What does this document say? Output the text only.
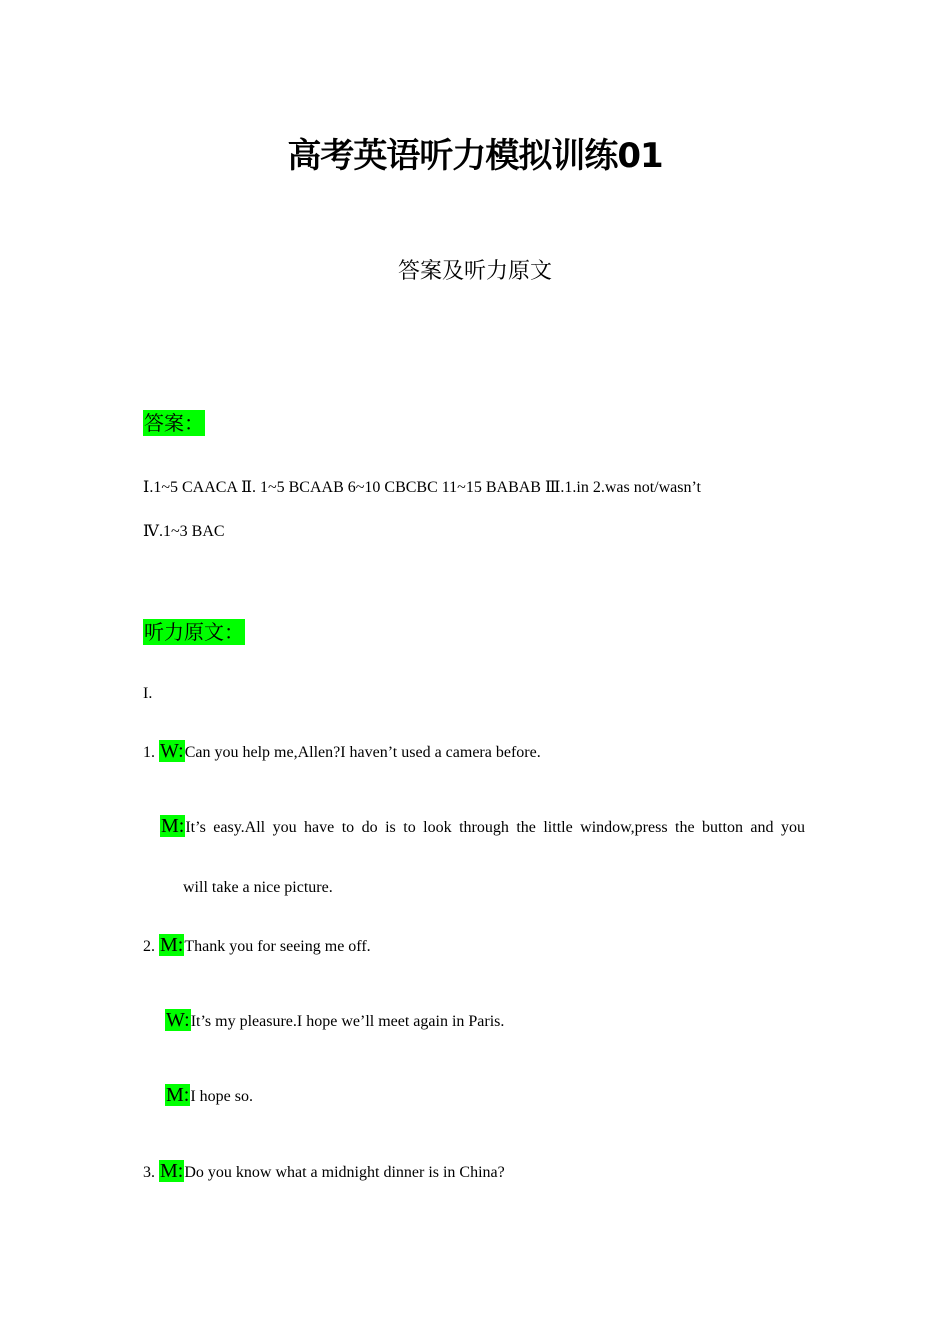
高考英语听力模拟训练01
答案及听力原文
答案：
Ⅰ.1~5 CAACA Ⅱ. 1~5 BCAAB 6~10 CBCBC 11~15 BABAB Ⅲ.1.in 2.was not/wasn’t
Ⅳ.1~3 BAC
听力原文：
I.
1. W:Can you help me,Allen?I haven’t used a camera before.
M:It’s easy.All you have to do is to look through the little window,press the button and you
will take a nice picture.
2. M:Thank you for seeing me off.
W:It’s my pleasure.I hope we’ll meet again in Paris.
M:I hope so.
3. M:Do you know what a midnight dinner is in China?
